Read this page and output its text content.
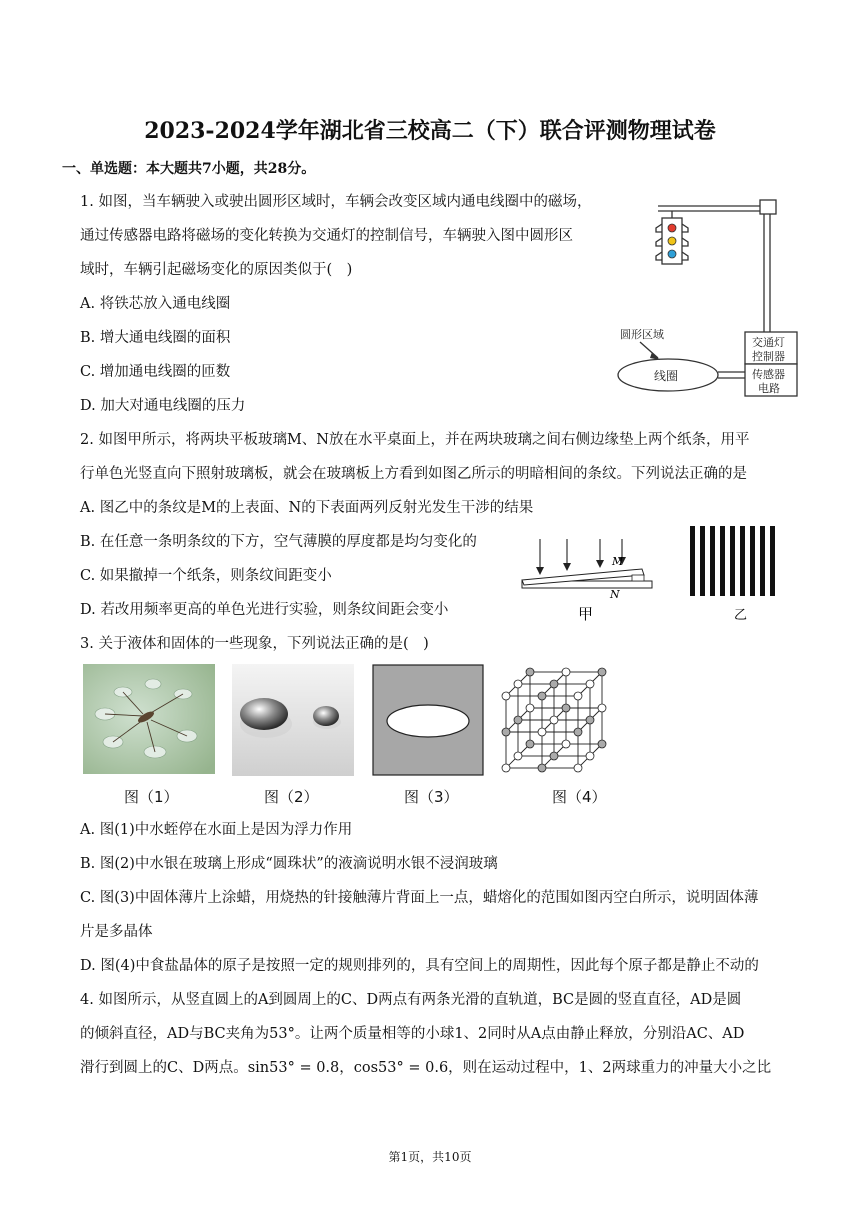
2023-2024学年湖北省三校高二（下）联合评测物理试卷
一、单选题：本大题共7小题，共28分。
1. 如图，当车辆驶入或驶出圆形区域时，车辆会改变区域内通电线圈中的磁场，
通过传感器电路将磁场的变化转换为交通灯的控制信号，车辆驶入图中圆形区
域时，车辆引起磁场变化的原因类似于(　)
A. 将铁芯放入通电线圈
B. 增大通电线圈的面积
C. 增加通电线圈的匝数
D. 加大对通电线圈的压力
圆形区域
线圈
交通灯
控制器
传感器
电路
2. 如图甲所示，将两块平板玻璃M、N放在水平桌面上，并在两块玻璃之间右侧边缘垫上两个纸条，用平
行单色光竖直向下照射玻璃板，就会在玻璃板上方看到如图乙所示的明暗相间的条纹。下列说法正确的是
A. 图乙中的条纹是M的上表面、N的下表面两列反射光发生干涉的结果
B. 在任意一条明条纹的下方，空气薄膜的厚度都是均匀变化的
C. 如果撤掉一个纸条，则条纹间距变小
D. 若改用频率更高的单色光进行实验，则条纹间距会变小
M
N
甲	乙
3. 关于液体和固体的一些现象，下列说法正确的是(　)
图（1）	图（2）	图（3）	图（4）
A. 图(1)中水蛭停在水面上是因为浮力作用
B. 图(2)中水银在玻璃上形成“圆珠状”的液滴说明水银不浸润玻璃
C. 图(3)中固体薄片上涂蜡，用烧热的针接触薄片背面上一点，蜡熔化的范围如图丙空白所示，说明固体薄
片是多晶体
D. 图(4)中食盐晶体的原子是按照一定的规则排列的，具有空间上的周期性，因此每个原子都是静止不动的
4. 如图所示，从竖直圆上的A到圆周上的C、D两点有两条光滑的直轨道，BC是圆的竖直直径，AD是圆
的倾斜直径，AD与BC夹角为53°。让两个质量相等的小球1、2同时从A点由静止释放，分别沿AC、AD
滑行到圆上的C、D两点。sin53° = 0.8，cos53° = 0.6，则在运动过程中，1、2两球重力的冲量大小之比
第1页，共10页
